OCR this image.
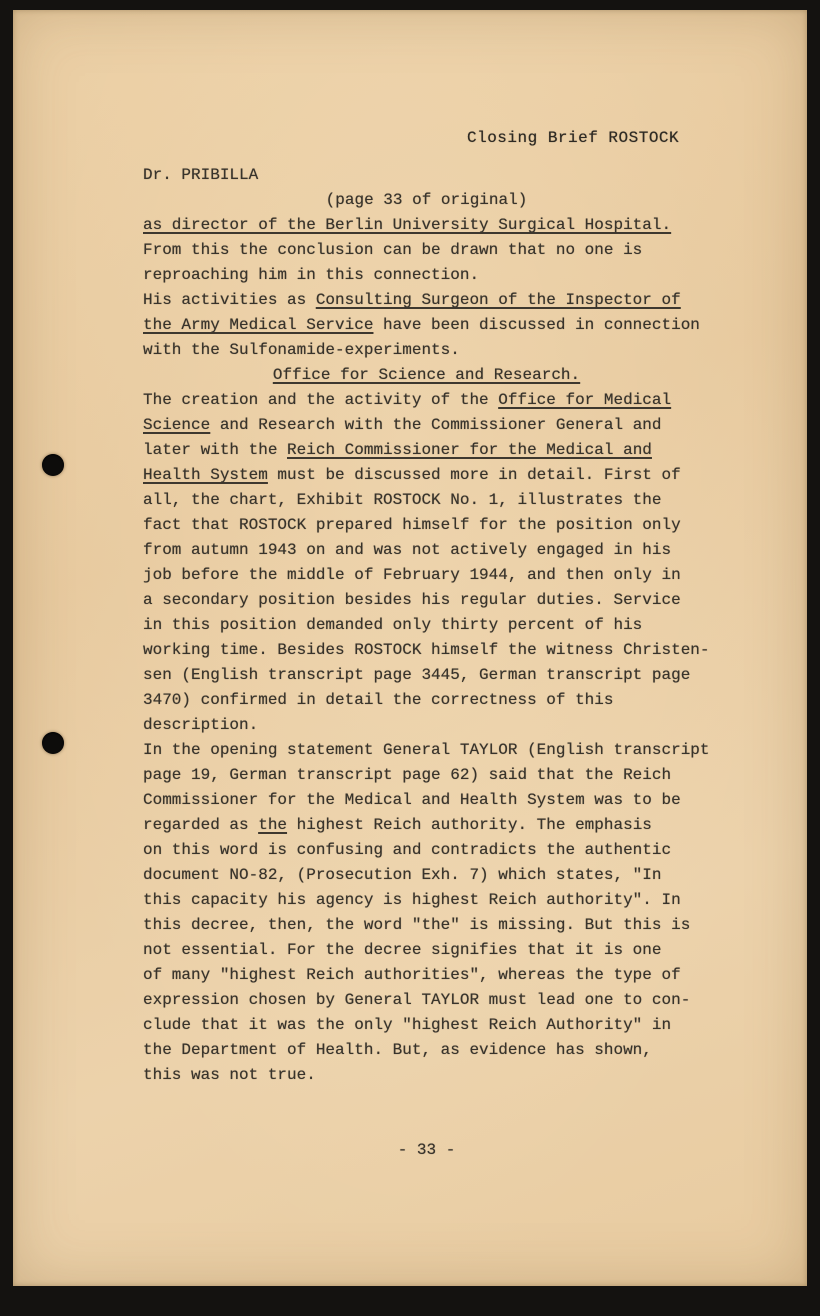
Closing Brief ROSTOCK
Dr. PRIBILLA
(page 33 of original)
as director of the Berlin University Surgical Hospital.
From this the conclusion can be drawn that no one is
reproaching him in this connection.
His activities as Consulting Surgeon of the Inspector of
the Army Medical Service have been discussed in connection
with the Sulfonamide-experiments.
Office for Science and Research.
The creation and the activity of the Office for Medical
Science and Research with the Commissioner General and
later with the Reich Commissioner for the Medical and
Health System must be discussed more in detail. First of
all, the chart, Exhibit ROSTOCK No. 1, illustrates the
fact that ROSTOCK prepared himself for the position only
from autumn 1943 on and was not actively engaged in his
job before the middle of February 1944, and then only in
a secondary position besides his regular duties. Service
in this position demanded only thirty percent of his
working time. Besides ROSTOCK himself the witness Christen-
sen (English transcript page 3445, German transcript page
3470) confirmed in detail the correctness of this
description.
In the opening statement General TAYLOR (English transcript
page 19, German transcript page 62) said that the Reich
Commissioner for the Medical and Health System was to be
regarded as the highest Reich authority. The emphasis
on this word is confusing and contradicts the authentic
document NO-82, (Prosecution Exh. 7) which states, "In
this capacity his agency is highest Reich authority". In
this decree, then, the word "the" is missing. But this is
not essential. For the decree signifies that it is one
of many "highest Reich authorities", whereas the type of
expression chosen by General TAYLOR must lead one to con-
clude that it was the only "highest Reich Authority" in
the Department of Health. But, as evidence has shown,
this was not true.
- 33 -
